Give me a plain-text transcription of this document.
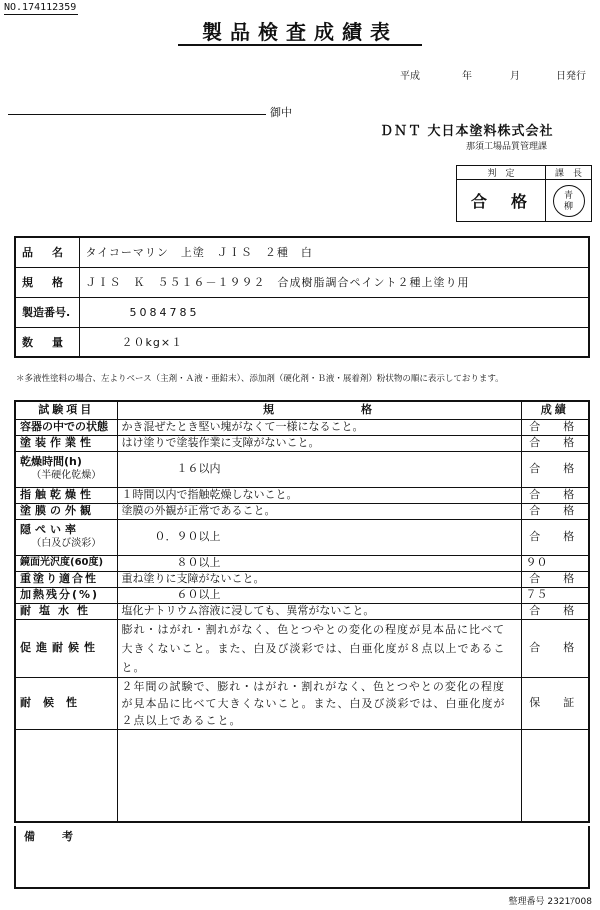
NO.174112359
製品検査成績表
平成	年	月	日発行
御中
ＤＮＴ 大日本塗料株式会社
那須工場品質管理課
判　定	課　長
合　格	青
柳
品　名	タイコーマリン　上塗　ＪＩＳ　２種　白
規　格	ＪＩＳ　Ｋ　５５１６－１９９２　合成樹脂調合ペイント２種上塗り用
製造番号.	5084785
数　量	　２０kg×１
＊多液性塗料の場合、左よりベース（主剤・Ａ液・亜鉛末）、添加剤（硬化剤・Ｂ液・展着剤）粉状物の順に表示しております。
試験項目	規　　　　　　格	成績
容器の中での状態	かき混ぜたとき堅い塊がなくて一様になること。	合　格
塗装作業性	はけ塗りで塗装作業に支障がないこと。	合　格
乾燥時間(h)
（半硬化乾燥）	　　　　　１６以内	合　格
指触乾燥性	１時間以内で指触乾燥しないこと。	合　格
塗膜の外観	塗膜の外観が正常であること。	合　格
隠ぺい率
（白及び淡彩）	　　　０．９０以上	合　格
鏡面光沢度(60度)	　　　　　８０以上	９０
重塗り適合性	重ね塗りに支障がないこと。	合　格
加熱残分(%)	　　　　　６０以上	７５
耐塩水性	塩化ナトリウム溶液に浸しても、異常がないこと。	合　格
促進耐候性	膨れ・はがれ・割れがなく、色とつやとの変化の程度が見本品に比べて大きくないこと。また、白及び淡彩では、白亜化度が８点以上であること。	合　格
耐候性	２年間の試験で、膨れ・はがれ・割れがなく、色とつやとの変化の程度が見本品に比べて大きくないこと。また、白及び淡彩では、白亜化度が２点以上であること。	保　証

備　考
整理番号 2321ｱ008
